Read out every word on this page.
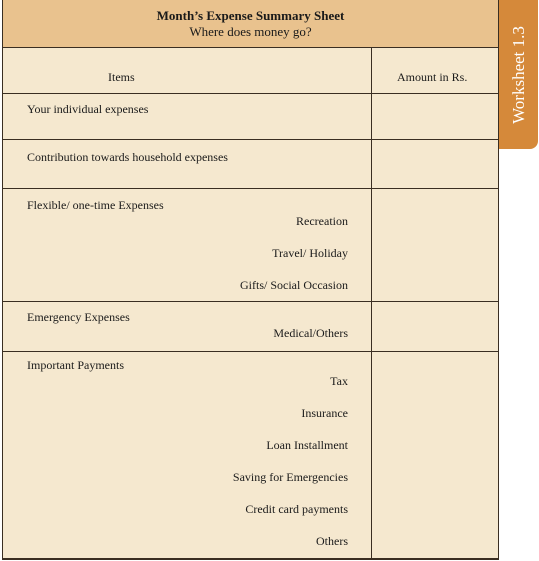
Month’s Expense Summary Sheet
Where does money go?
Items	Amount in Rs.
Your individual expenses
Contribution towards household expenses
Flexible/ one-time Expenses
Recreation
Travel/ Holiday
Gifts/ Social Occasion
Emergency Expenses
Medical/Others
Important Payments
Tax
Insurance
Loan Installment
Saving for Emergencies
Credit card payments
Others
Worksheet 1.3
